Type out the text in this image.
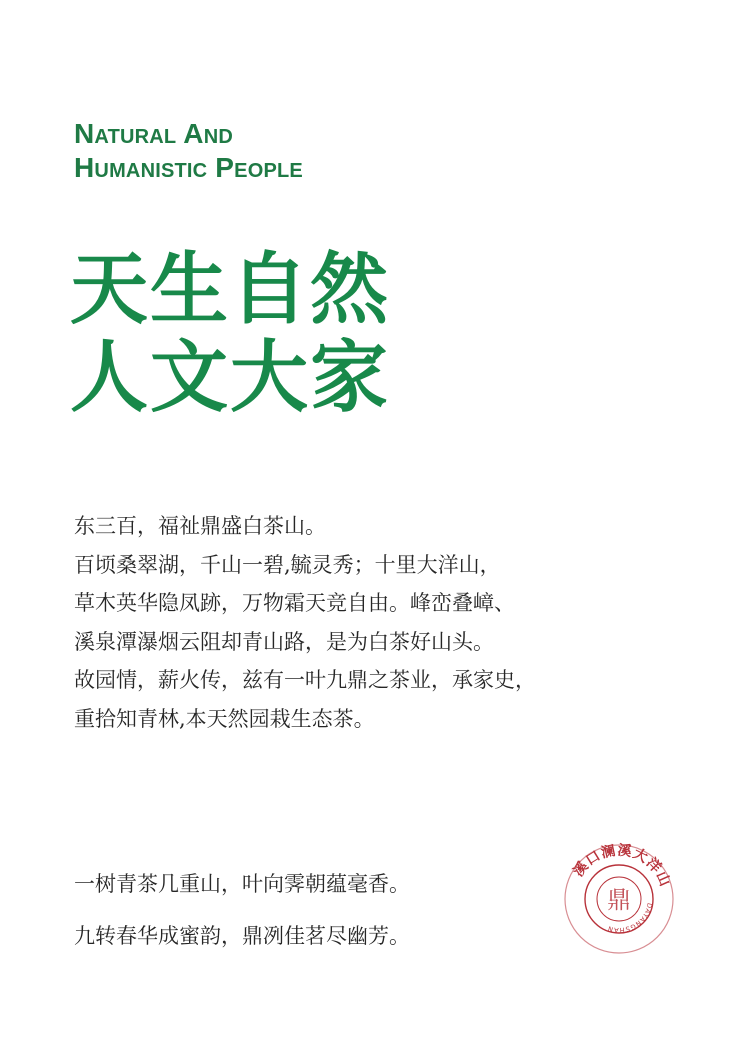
Natural And
Humanistic People
天生自然
人文大家
东三百，福祉鼎盛白茶山。
百顷桑翠湖，千山一碧,毓灵秀；十里大洋山，
草木英华隐凤跡，万物霜天竞自由。峰峦叠嶂、
溪泉潭瀑烟云阻却青山路，是为白茶好山头。
故园情，薪火传，兹有一叶九鼎之茶业，承家史，
重拾知青林,本天然园栽生态茶。
一树青茶几重山，叶向霁朝蕴毫香。
九转春华成蜜韵，鼎冽佳茗尽幽芳。
溪口澜溪大洋山
DAYANGSHAN
鼎
